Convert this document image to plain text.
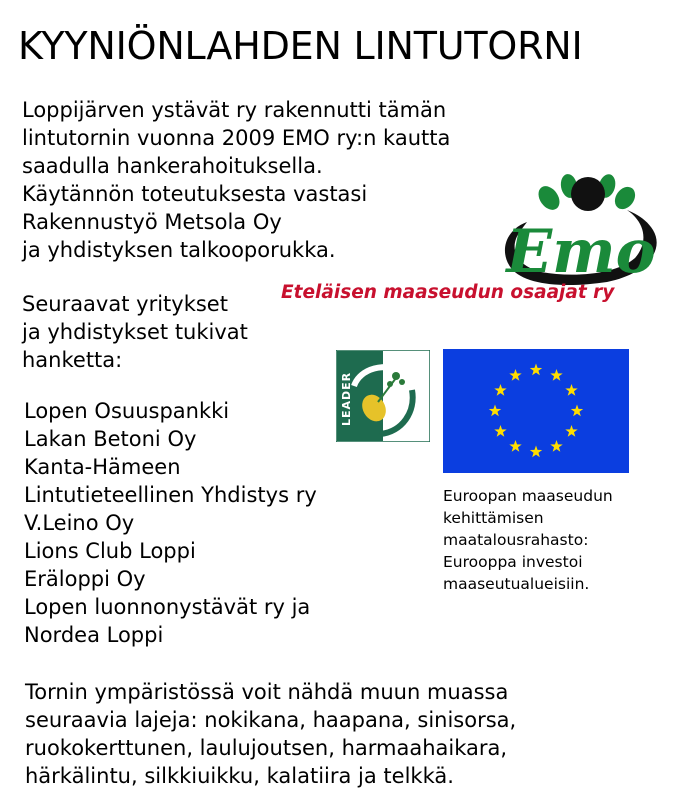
KYYNIÖNLAHDEN LINTUTORNI
Loppijärven ystävät ry rakennutti tämän
lintutornin vuonna 2009 EMO ry:n kautta
saadulla hankerahoituksella.
Käytännön toteutuksesta vastasi
Rakennustyö Metsola Oy
ja yhdistyksen talkooporukka.
Seuraavat yritykset
ja yhdistykset tukivat
hanketta:
Lopen Osuuspankki
Lakan Betoni Oy
Kanta-Hämeen
Lintutieteellinen Yhdistys ry
V.Leino Oy
Lions Club Loppi
Eräloppi Oy
Lopen luonnonystävät ry ja
Nordea Loppi
Tornin ympäristössä voit nähdä muun muassa
seuraavia lajeja: nokikana, haapana, sinisorsa,
ruokokerttunen, laulujoutsen, harmaahaikara,
härkälintu, silkkiuikku, kalatiira ja telkkä.
Emo
Eteläisen maaseudun osaajat ry
LEADER
Euroopan maaseudun
kehittämisen
maatalousrahasto:
Eurooppa investoi
maaseutualueisiin.
